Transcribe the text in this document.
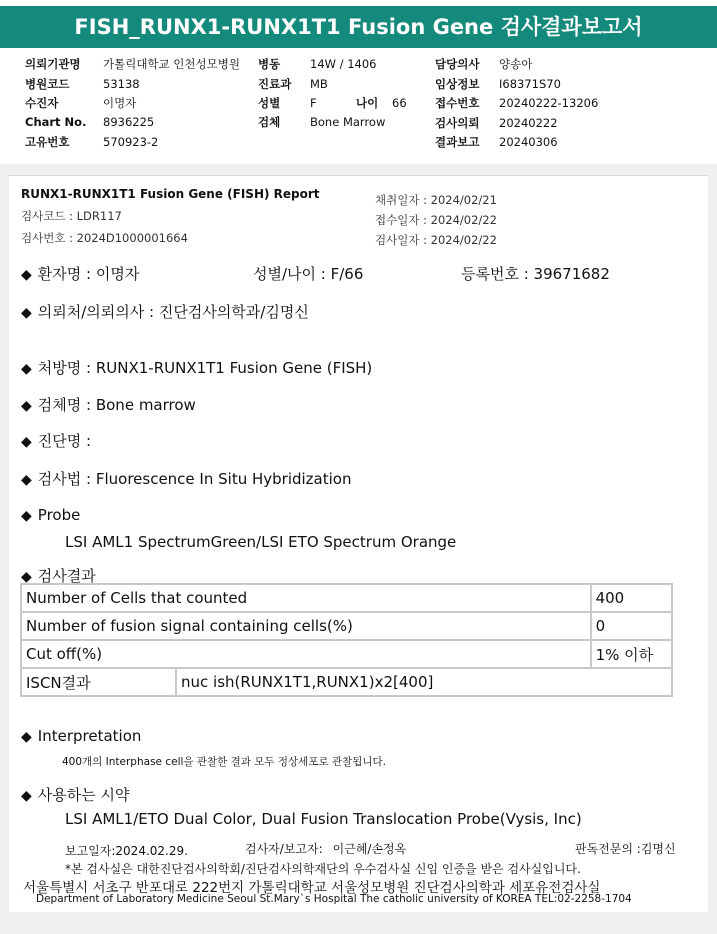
FISH_RUNX1-RUNX1T1 Fusion Gene 검사결과보고서
의뢰기관명 가톨릭대학교 인천성모병원
병원코드	53138
수진자	이명자
Chart No. 8936225
고유번호	570923-2
병동	14W / 1406
진료과 MB
성별	F	나이 66
검체	Bone Marrow
담당의사 양송아
임상정보 I68371S70
접수번호 20240222-13206
검사의뢰 20240222
결과보고 20240306
RUNX1-RUNX1T1 Fusion Gene (FISH) Report
검사코드 : LDR117
검사번호 : 2024D1000001664
채취일자 : 2024/02/21
접수일자 : 2024/02/22
검사일자 : 2024/02/22
◆ 환자명 : 이명자	성별/나이 : F/66	등록번호 : 39671682
◆ 의뢰처/의뢰의사 : 진단검사의학과/김명신
◆ 처방명 : RUNX1-RUNX1T1 Fusion Gene (FISH)
◆ 검체명 : Bone marrow
◆ 진단명 :
◆ 검사법 : Fluorescence In Situ Hybridization
◆ Probe
LSI AML1 SpectrumGreen/LSI ETO Spectrum Orange
◆ 검사결과
◆ Interpretation
400개의 Interphase cell을 관찰한 결과 모두 정상세포로 관찰됩니다.
◆ 사용하는 시약
LSI AML1/ETO Dual Color, Dual Fusion Translocation Probe(Vysis, Inc)
보고일자:2024.02.29.	검사자/보고자: 이근혜/손정옥	판독전문의 :김명신
*본 검사실은 대한진단검사의학회/진단검사의학재단의 우수검사실 신임 인증을 받은 검사실입니다.
서울특별시 서초구 반포대로 222번지 가톨릭대학교 서울성모병원 진단검사의학과 세포유전검사실
Department of Laboratory Medicine Seoul St.Mary`s Hospital The catholic university of KOREA TEL:02-2258-1704
Number of Cells that counted		400
Number of fusion signal containing cells(%)		0
Cut off(%)		1% 이하
ISCN결과	nuc ish(RUNX1T1,RUNX1)x2[400]	
